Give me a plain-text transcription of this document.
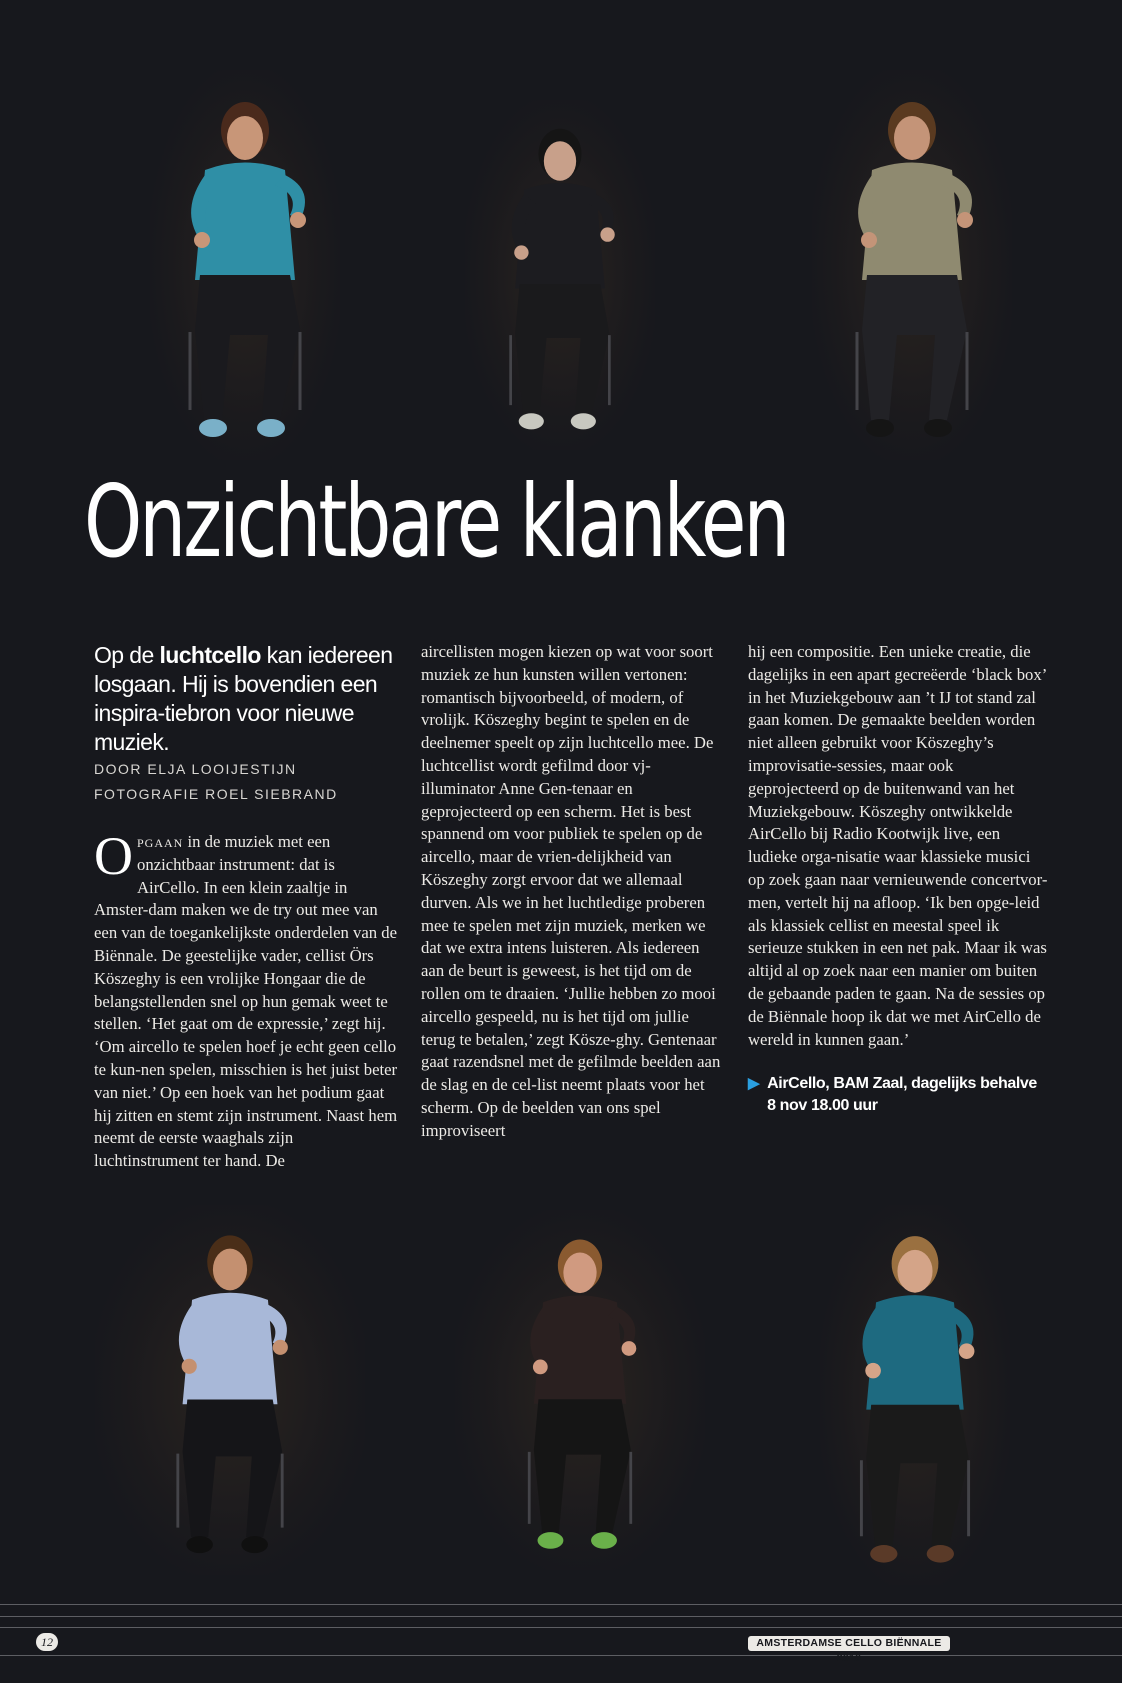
Onzichtbare klanken

Op de luchtcello kan iedereen losgaan. Hij is bovendien een inspira-tiebron voor nieuwe muziek.

DOOR ELJA LOOIJESTIJN
FOTOGRAFIE ROEL SIEBRAND

Opgaan in de muziek met een onzichtbaar instrument: dat is AirCello. In een klein zaaltje in Amster-dam maken we de try out mee van een van de toegankelijkste onderdelen van de Biënnale. De geestelijke vader, cellist Örs Köszeghy is een vrolijke Hongaar die de belangstellenden snel op hun gemak weet te stellen. ‘Het gaat om de expressie,’ zegt hij. ‘Om aircello te spelen hoef je echt geen cello te kun-nen spelen, misschien is het juist beter van niet.’ Op een hoek van het podium gaat hij zitten en stemt zijn instrument. Naast hem neemt de eerste waaghals zijn luchtinstrument ter hand. De

aircellisten mogen kiezen op wat voor soort muziek ze hun kunsten willen vertonen: romantisch bijvoorbeeld, of modern, of vrolijk. Köszeghy begint te spelen en de deelnemer speelt op zijn luchtcello mee. De luchtcellist wordt gefilmd door vj-illuminator Anne Gen-tenaar en geprojecteerd op een scherm. Het is best spannend om voor publiek te spelen op de aircello, maar de vrien-delijkheid van Köszeghy zorgt ervoor dat we allemaal durven. Als we in het luchtledige proberen mee te spelen met zijn muziek, merken we dat we extra intens luisteren. Als iedereen aan de beurt is geweest, is het tijd om de rollen om te draaien. ‘Jullie hebben zo mooi aircello gespeeld, nu is het tijd om jullie terug te betalen,’ zegt Kösze-ghy. Gentenaar gaat razendsnel met de gefilmde beelden aan de slag en de cel-list neemt plaats voor het scherm. Op de beelden van ons spel improviseert

hij een compositie. Een unieke creatie, die dagelijks in een apart gecreëerde ‘black box’ in het Muziekgebouw aan ’t IJ tot stand zal gaan komen. De gemaakte beelden worden niet alleen gebruikt voor Köszeghy’s improvisatie-sessies, maar ook geprojecteerd op de buitenwand van het Muziekgebouw. Köszeghy ontwikkelde AirCello bij Radio Kootwijk live, een ludieke orga-nisatie waar klassieke musici op zoek gaan naar vernieuwende concertvor-men, vertelt hij na afloop. ‘Ik ben opge-leid als klassiek cellist en meestal speel ik serieuze stukken in een net pak. Maar ik was altijd al op zoek naar een manier om buiten de gebaande paden te gaan. Na de sessies op de Biënnale hoop ik dat we met AirCello de wereld in kunnen gaan.’

▶ AirCello, BAM Zaal, dagelijks behalve 8 nov 18.00 uur
12	AMSTERDAMSE CELLO BIËNNALE 2010
